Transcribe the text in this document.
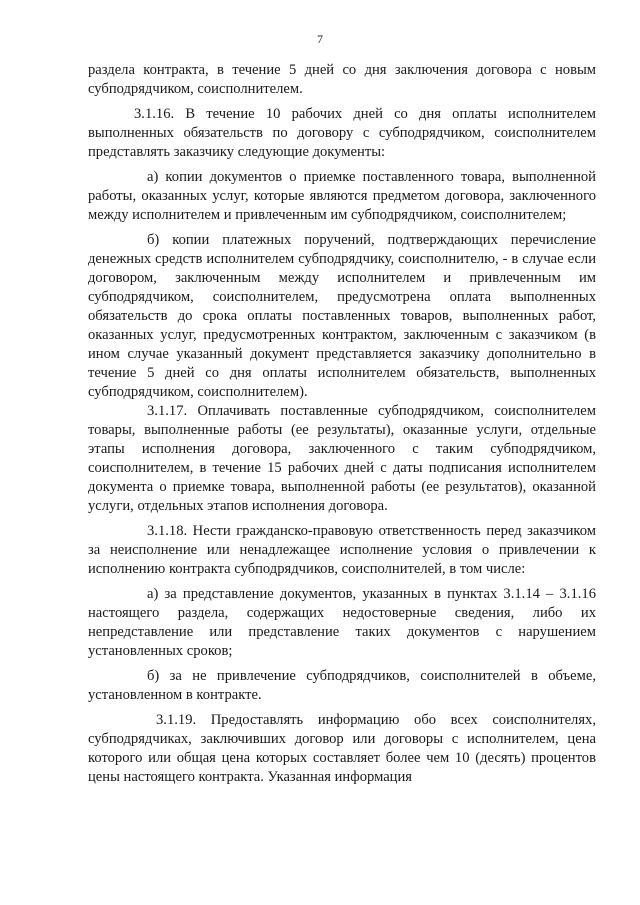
7

раздела контракта, в течение 5 дней со дня заключения договора с новым субподрядчиком, соисполнителем.

3.1.16. В течение 10 рабочих дней со дня оплаты исполнителем выполненных обязательств по договору с субподрядчиком, соисполнителем представлять заказчику следующие документы:

а) копии документов о приемке поставленного товара, выполненной работы, оказанных услуг, которые являются предметом договора, заключенного между исполнителем и привлеченным им субподрядчиком, соисполнителем;

б) копии платежных поручений, подтверждающих перечисление денежных средств исполнителем субподрядчику, соисполнителю, - в случае если договором, заключенным между исполнителем и привлеченным им субподрядчиком, соисполнителем, предусмотрена оплата выполненных обязательств до срока оплаты поставленных товаров, выполненных работ, оказанных услуг, предусмотренных контрактом, заключенным с заказчиком (в ином случае указанный документ представляется заказчику дополнительно в течение 5 дней со дня оплаты исполнителем обязательств, выполненных субподрядчиком, соисполнителем).

3.1.17. Оплачивать поставленные субподрядчиком, соисполнителем товары, выполненные работы (ее результаты), оказанные услуги, отдельные этапы исполнения договора, заключенного с таким субподрядчиком, соисполнителем, в течение 15 рабочих дней с даты подписания исполнителем документа о приемке товара, выполненной работы (ее результатов), оказанной услуги, отдельных этапов исполнения договора.

3.1.18. Нести гражданско-правовую ответственность перед заказчиком за неисполнение или ненадлежащее исполнение условия о привлечении к исполнению контракта субподрядчиков, соисполнителей, в том числе:

а) за представление документов, указанных в пунктах 3.1.14 – 3.1.16 настоящего раздела, содержащих недостоверные сведения, либо их непредставление или представление таких документов с нарушением установленных сроков;

б) за не привлечение субподрядчиков, соисполнителей в объеме, установленном в контракте.

3.1.19. Предоставлять информацию обо всех соисполнителях, субподрядчиках, заключивших договор или договоры с исполнителем, цена которого или общая цена которых составляет более чем 10 (десять) процентов цены настоящего контракта. Указанная информация
